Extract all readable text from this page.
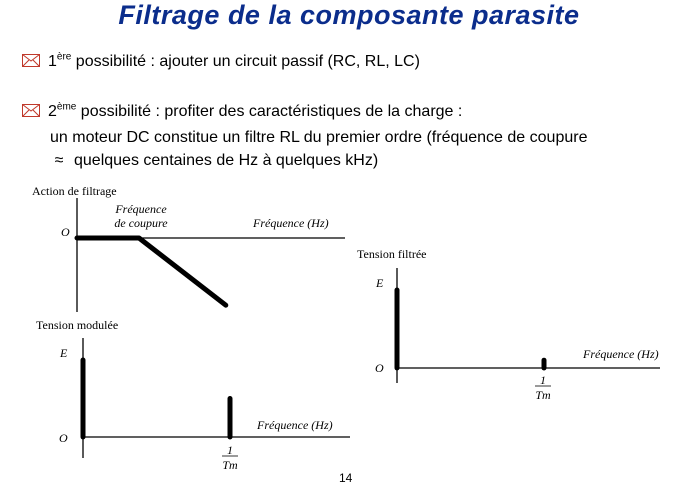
Filtrage de la composante parasite
1ère possibilité : ajouter un circuit passif (RC, RL, LC)
2ème possibilité : profiter des caractéristiques de la charge :
un moteur DC constitue un filtre RL du premier ordre (fréquence de coupure
≈ quelques centaines de Hz à quelques kHz)
Action de filtrage
O
Fréquence
de coupure	Fréquence (Hz)
Tension modulée
E
O
Fréquence (Hz)
1
Tm
Tension filtrée
E
O
Fréquence (Hz)
1
Tm
14
